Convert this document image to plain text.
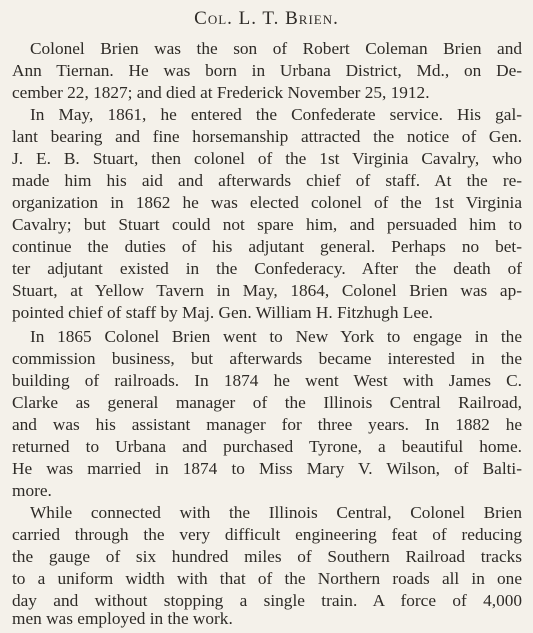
Col. L. T. Brien.
Colonel Brien was the son of Robert Coleman Brien and
Ann Tiernan. He was born in Urbana District, Md., on De-
cember 22, 1827; and died at Frederick November 25, 1912.
In May, 1861, he entered the Confederate service. His gal-
lant bearing and fine horsemanship attracted the notice of Gen.
J. E. B. Stuart, then colonel of the 1st Virginia Cavalry, who
made him his aid and afterwards chief of staff. At the re-
organization in 1862 he was elected colonel of the 1st Virginia
Cavalry; but Stuart could not spare him, and persuaded him to
continue the duties of his adjutant general. Perhaps no bet-
ter adjutant existed in the Confederacy. After the death of
Stuart, at Yellow Tavern in May, 1864, Colonel Brien was ap-
pointed chief of staff by Maj. Gen. William H. Fitzhugh Lee.
In 1865 Colonel Brien went to New York to engage in the
commission business, but afterwards became interested in the
building of railroads. In 1874 he went West with James C.
Clarke as general manager of the Illinois Central Railroad,
and was his assistant manager for three years. In 1882 he
returned to Urbana and purchased Tyrone, a beautiful home.
He was married in 1874 to Miss Mary V. Wilson, of Balti-
more.
While connected with the Illinois Central, Colonel Brien
carried through the very difficult engineering feat of reducing
the gauge of six hundred miles of Southern Railroad tracks
to a uniform width with that of the Northern roads all in one
day and without stopping a single train. A force of 4,000
men was employed in the work.
